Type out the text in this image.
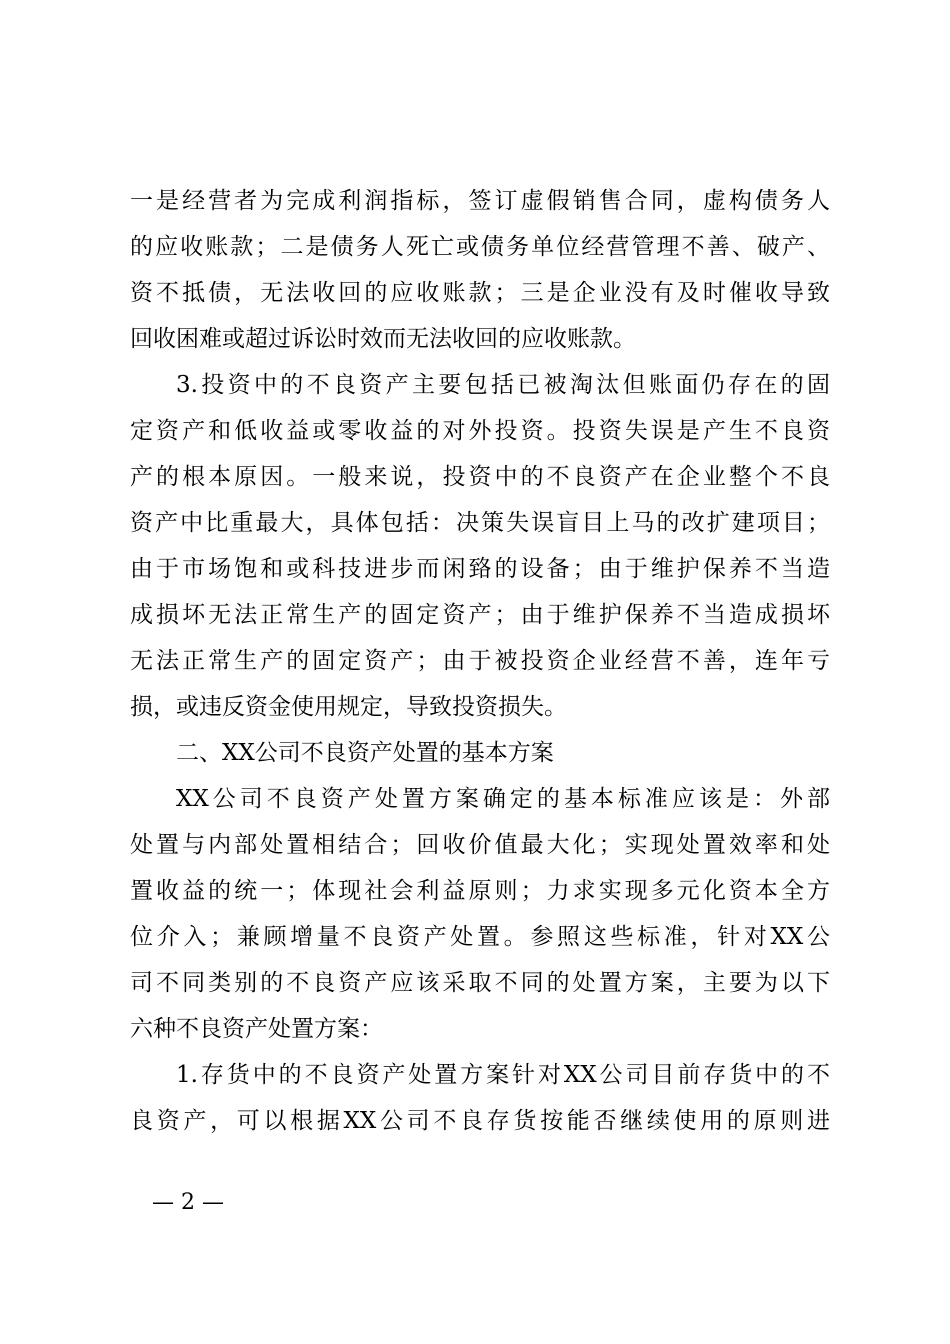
一是经营者为完成利润指标，签订虚假销售合同，虚构债务人
的应收账款；二是债务人死亡或债务单位经营管理不善、破产、
资不抵债，无法收回的应收账款；三是企业没有及时催收导致
回收困难或超过诉讼时效而无法收回的应收账款。
3.投资中的不良资产主要包括已被淘汰但账面仍存在的固
定资产和低收益或零收益的对外投资。投资失误是产生不良资
产的根本原因。一般来说，投资中的不良资产在企业整个不良
资产中比重最大，具体包括：决策失误盲目上马的改扩建项目；
由于市场饱和或科技进步而闲臵的设备；由于维护保养不当造
成损坏无法正常生产的固定资产；由于维护保养不当造成损坏
无法正常生产的固定资产；由于被投资企业经营不善，连年亏
损，或违反资金使用规定，导致投资损失。
二、XX公司不良资产处置的基本方案
XX公司不良资产处置方案确定的基本标准应该是：外部
处置与内部处置相结合；回收价值最大化；实现处置效率和处
置收益的统一；体现社会利益原则；力求实现多元化资本全方
位介入；兼顾增量不良资产处置。参照这些标准，针对XX公
司不同类别的不良资产应该采取不同的处置方案，主要为以下
六种不良资产处置方案：
1.存货中的不良资产处置方案针对XX公司目前存货中的不
良资产，可以根据XX公司不良存货按能否继续使用的原则进
— 2 —
